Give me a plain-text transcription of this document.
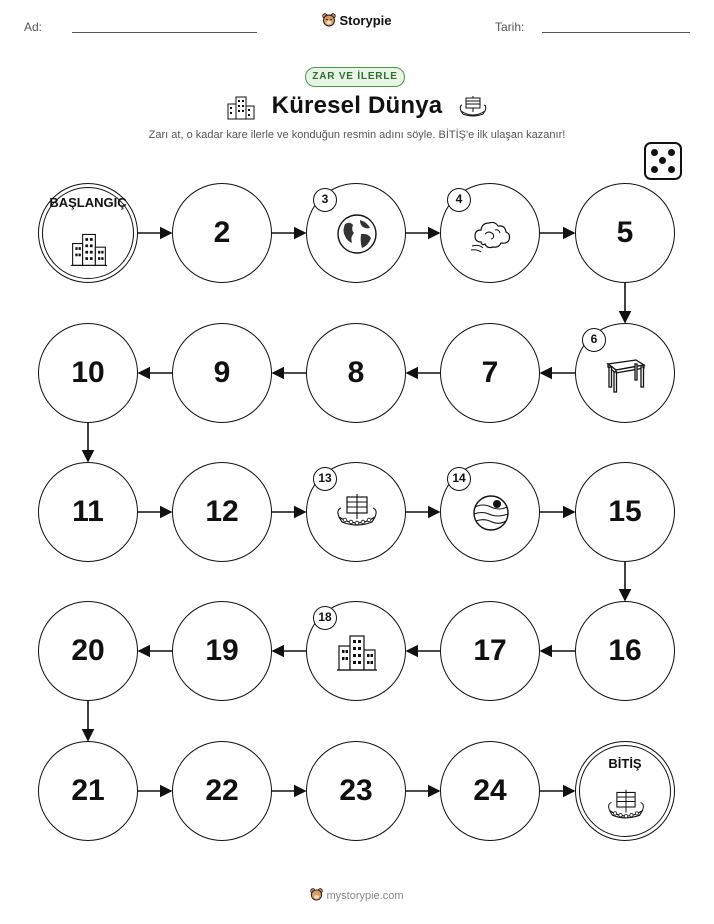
Ad:	Storypie	Tarih:
ZAR VE İLERLE
Küresel Dünya
Zarı at, o kadar kare ilerle ve konduğun resmin adını söyle. BİTİŞ'e ilk ulaşan kazanır!
BAŞLANGIÇ
2
3	4
5
6
7
8
9
10
11	12
13	14
15
16
17
18
19
20
21	22	23	24
BİTİŞ
mystorypie.com
